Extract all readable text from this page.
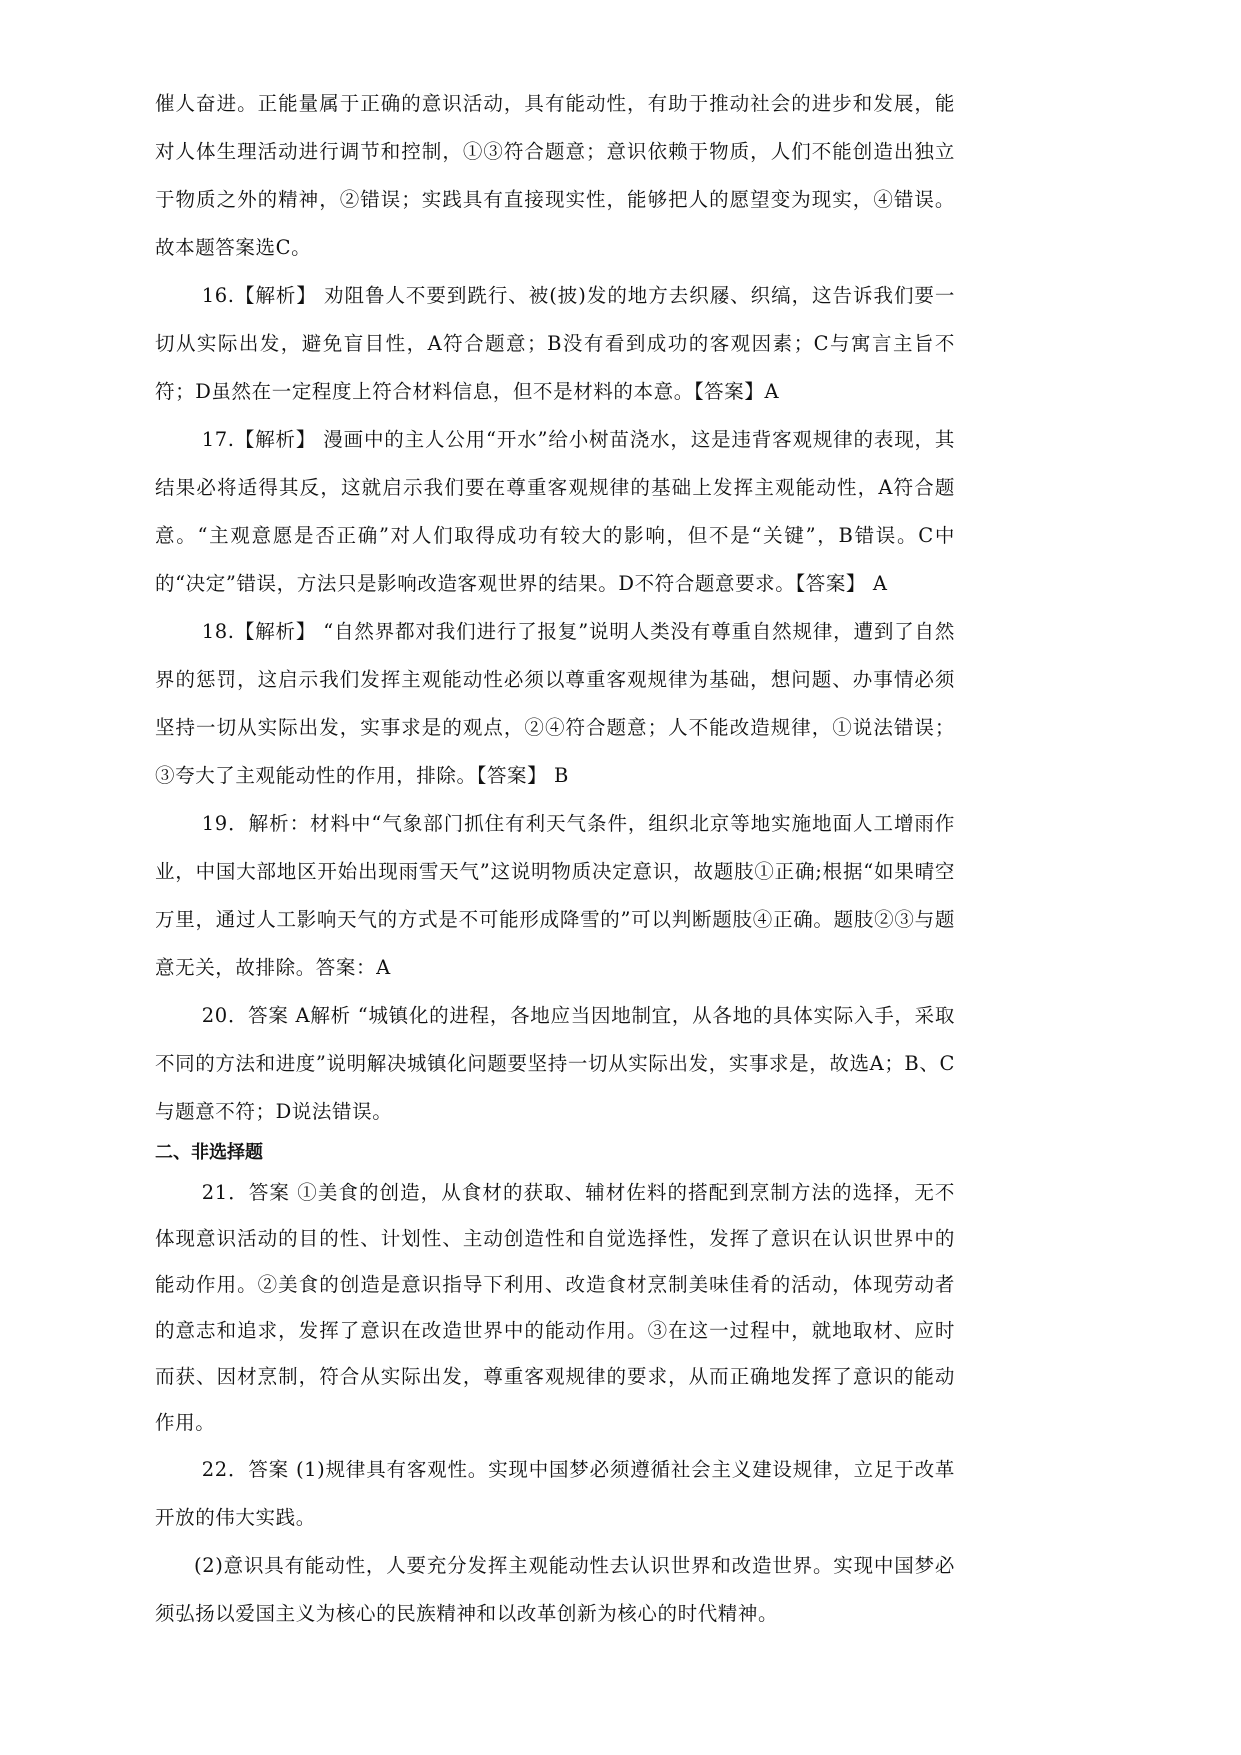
催人奋进。正能量属于正确的意识活动，具有能动性，有助于推动社会的进步和发展，能对人体生理活动进行调节和控制，①③符合题意；意识依赖于物质，人们不能创造出独立于物质之外的精神，②错误；实践具有直接现实性，能够把人的愿望变为现实，④错误。故本题答案选C。

16.【解析】 劝阻鲁人不要到跣行、被(披)发的地方去织屦、织缟，这告诉我们要一切从实际出发，避免盲目性，A符合题意；B没有看到成功的客观因素；C与寓言主旨不符；D虽然在一定程度上符合材料信息，但不是材料的本意。【答案】A

17.【解析】 漫画中的主人公用“开水”给小树苗浇水，这是违背客观规律的表现，其结果必将适得其反，这就启示我们要在尊重客观规律的基础上发挥主观能动性，A符合题意。“主观意愿是否正确”对人们取得成功有较大的影响，但不是“关键”，B错误。C中的“决定”错误，方法只是影响改造客观世界的结果。D不符合题意要求。【答案】 A

18.【解析】 “自然界都对我们进行了报复”说明人类没有尊重自然规律，遭到了自然界的惩罚，这启示我们发挥主观能动性必须以尊重客观规律为基础，想问题、办事情必须坚持一切从实际出发，实事求是的观点，②④符合题意；人不能改造规律，①说法错误；③夸大了主观能动性的作用，排除。【答案】 B

19．解析：材料中“气象部门抓住有利天气条件，组织北京等地实施地面人工增雨作业，中国大部地区开始出现雨雪天气”这说明物质决定意识，故题肢①正确;根据“如果晴空万里，通过人工影响天气的方式是不可能形成降雪的”可以判断题肢④正确。题肢②③与题意无关，故排除。答案：A

20．答案 A解析 “城镇化的进程，各地应当因地制宜，从各地的具体实际入手，采取不同的方法和进度”说明解决城镇化问题要坚持一切从实际出发，实事求是，故选A；B、C与题意不符；D说法错误。

二、非选择题

21．答案 ①美食的创造，从食材的获取、辅材佐料的搭配到烹制方法的选择，无不体现意识活动的目的性、计划性、主动创造性和自觉选择性，发挥了意识在认识世界中的能动作用。②美食的创造是意识指导下利用、改造食材烹制美味佳肴的活动，体现劳动者的意志和追求，发挥了意识在改造世界中的能动作用。③在这一过程中，就地取材、应时而获、因材烹制，符合从实际出发，尊重客观规律的要求，从而正确地发挥了意识的能动作用。

22．答案 (1)规律具有客观性。实现中国梦必须遵循社会主义建设规律，立足于改革开放的伟大实践。

(2)意识具有能动性，人要充分发挥主观能动性去认识世界和改造世界。实现中国梦必须弘扬以爱国主义为核心的民族精神和以改革创新为核心的时代精神。
